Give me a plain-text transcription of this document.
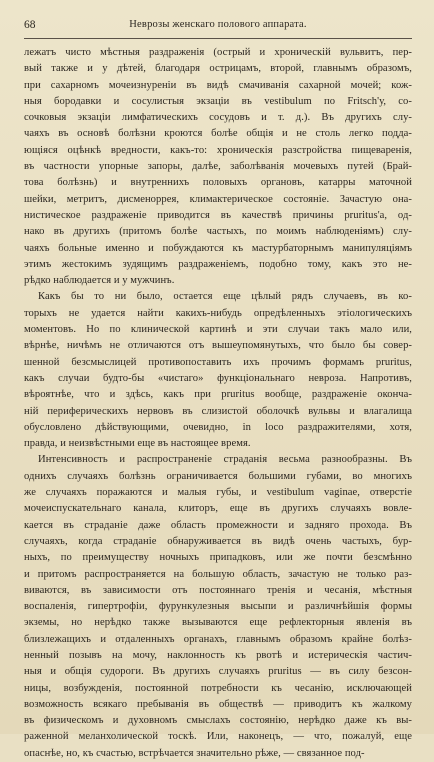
68	Неврозы женскаго полового аппарата.
лежатъ чисто мѣстныя раздраженія (острый и хроническій вульвитъ, пер-
вый также и у дѣтей, благодаря острицамъ, второй, главнымъ образомъ,
при сахарномъ мочеизнуреніи въ видѣ смачиванія сахарной мочей; кож-
ныя бородавки и сосулистыя экзаціи въ vestibulum по Fritsch'у, со-
сочковыя экзаціи лимфатическихъ сосудовъ и т. д.). Въ другихъ слу-
чаяхъ въ основѣ болѣзни кроются болѣе общія и не столь легко подда-
ющіяся оцѣнкѣ вредности, какъ-то: хроническія разстройства пищеваренія,
въ частности упорные запоры, далѣе, заболѣванія мочевыхъ путей (Брай-
това болѣзнь) и внутреннихъ половыхъ органовъ, катарры маточной
шейки, метритъ, дисменоррея, климактерическое состояніе. Зачастую она-
нистическое раздраженіе приводится въ качествѣ причины pruritus'а, од-
нако въ другихъ (притомъ болѣе частыхъ, по моимъ наблюденіямъ) слу-
чаяхъ больные именно и побуждаются къ мастурбаторнымъ манипуляціямъ
этимъ жестокимъ зудящимъ раздраженіемъ, подобно тому, какъ это не-
рѣдко наблюдается и у мужчинъ.
Какъ бы то ни было, остается еще цѣлый рядъ случаевъ, въ ко-
торыхъ не удается найти какихъ-нибудь опредѣленныхъ этіологическихъ
моментовъ. Но по клинической картинѣ и эти случаи такъ мало или,
вѣрнѣе, ничѣмъ не отличаются отъ вышеупомянутыхъ, что было бы совер-
шенной безсмыслицей противопоставить ихъ прочимъ формамъ pruritus,
какъ случаи будто-бы «чистаго» функціональнаго невроза. Напротивъ,
вѣроятнѣе, что и здѣсь, какъ при pruritus вообще, раздраженіе оконча-
ній периферическихъ нервовъ въ слизистой оболочкѣ вульвы и влагалища
обусловлено дѣйствующими, очевидно, in loco раздражителями, хотя,
правда, и неизвѣстными еще въ настоящее время.
Интенсивность и распространеніе страданія весьма разнообразны. Въ
однихъ случаяхъ болѣзнь ограничивается большими губами, во многихъ
же случаяхъ поражаются и малыя губы, и vestibulum vaginae, отверстіе
мочеиспускательнаго канала, клиторъ, еще въ другихъ случаяхъ вовле-
кается въ страданіе даже область промежности и задняго прохода. Въ
случаяхъ, когда страданіе обнаруживается въ видѣ очень частыхъ, бур-
ныхъ, по преимуществу ночныхъ припадковъ, или же почти безсмѣнно
и притомъ распространяется на большую область, зачастую не только раз-
виваются, въ зависимости отъ постояннаго тренія и чесанія, мѣстныя
воспаленія, гипертрофіи, фурункулезныя высыпи и различнѣйшія формы
экземы, но нерѣдко также вызываются еще рефлекторныя явленія въ
близлежащихъ и отдаленныхъ органахъ, главнымъ образомъ крайне болѣз-
ненный позывъ на мочу, наклонность къ рвотѣ и истерическія частич-
ныя и общія судороги. Въ другихъ случаяхъ pruritus — въ силу безсон-
ницы, возбужденія, постоянной потребности къ чесанію, исключающей
возможность всякаго пребыванія въ обществѣ — приводитъ къ жалкому
въ физическомъ и духовномъ смыслахъ состоянію, нерѣдко даже къ вы-
раженной меланхолической тоскѣ. Или, наконецъ, — что, пожалуй, еще
опаснѣе, но, къ счастью, встрѣчается значительно рѣже, — связанное под-
